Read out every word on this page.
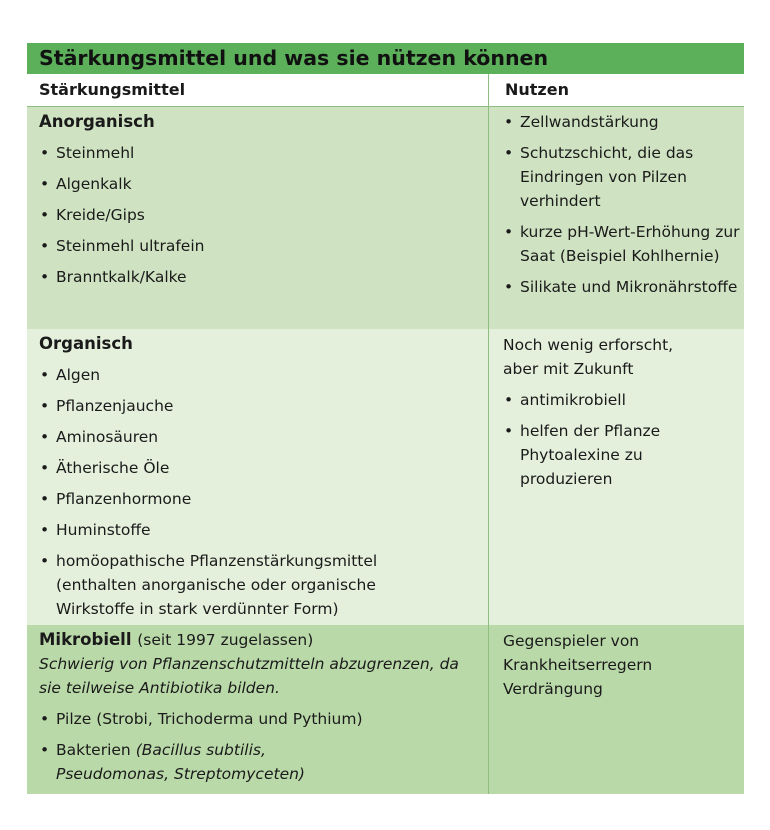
Stärkungsmittel und was sie nützen können
Stärkungsmittel	Nutzen
Anorganisch
• Steinmehl
• Algenkalk
• Kreide/Gips
• Steinmehl ultrafein
• Branntkalk/Kalke
• Zellwandstärkung
• Schutzschicht, die das Eindringen von Pilzen verhindert
• kurze pH-Wert-Erhöhung zur Saat (Beispiel Kohlhernie)
• Silikate und Mikronährstoffe
Organisch
• Algen
• Pflanzenjauche
• Aminosäuren
• Ätherische Öle
• Pflanzenhormone
• Huminstoffe
• homöopathische Pflanzenstärkungsmittel (enthalten anorganische oder organische Wirkstoffe in stark verdünnter Form)
Noch wenig erforscht,
aber mit Zukunft
• antimikrobiell
• helfen der Pflanze Phytoalexine zu produzieren
Mikrobiell (seit 1997 zugelassen)
Schwierig von Pflanzenschutzmitteln abzugrenzen, da sie teilweise Antibiotika bilden.
• Pilze (Strobi, Trichoderma und Pythium)
• Bakterien (Bacillus subtilis, Pseudomonas, Streptomyceten)
Gegenspieler von Krankheitserregern
Verdrängung
